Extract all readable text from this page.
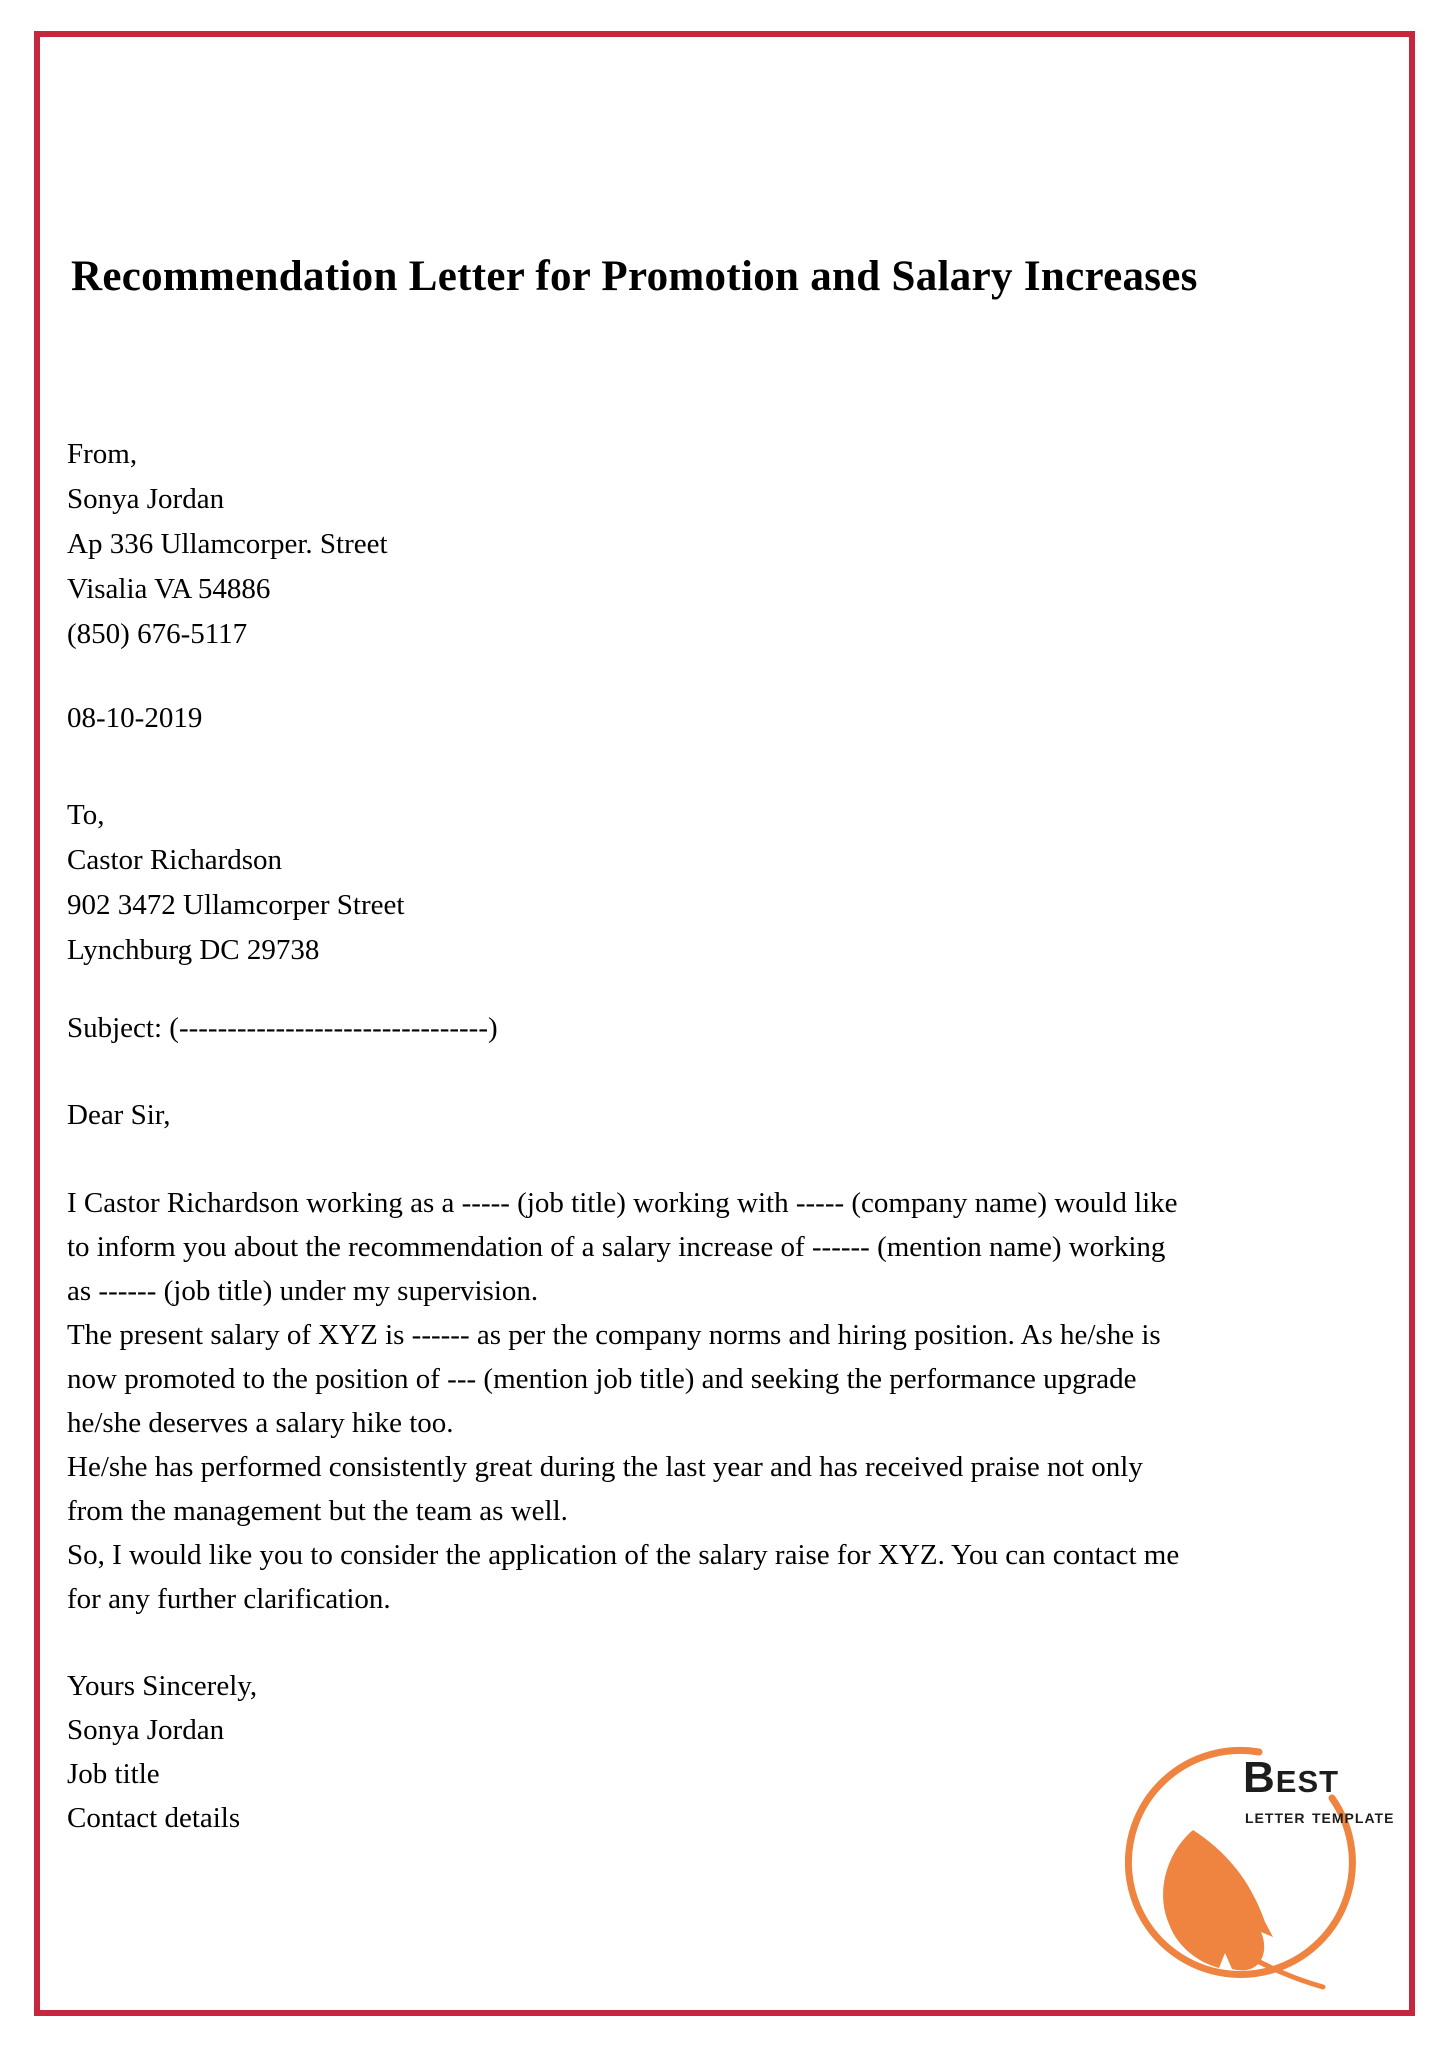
Recommendation Letter for Promotion and Salary Increases
From,
Sonya Jordan
Ap 336 Ullamcorper. Street
Visalia VA 54886
(850) 676-5117
08-10-2019
To,
Castor Richardson
902 3472 Ullamcorper Street
Lynchburg DC 29738
Subject: (--------------------------------)
Dear Sir,
I Castor Richardson working as a ----- (job title) working with ----- (company name) would like
to inform you about the recommendation of a salary increase of ------ (mention name) working
as ------ (job title) under my supervision.
The present salary of XYZ is ------ as per the company norms and hiring position. As he/she is
now promoted to the position of --- (mention job title) and seeking the performance upgrade
he/she deserves a salary hike too.
He/she has performed consistently great during the last year and has received praise not only
from the management but the team as well.
So, I would like you to consider the application of the salary raise for XYZ. You can contact me
for any further clarification.
Yours Sincerely,
Sonya Jordan
Job title
Contact details
Best
letter template
